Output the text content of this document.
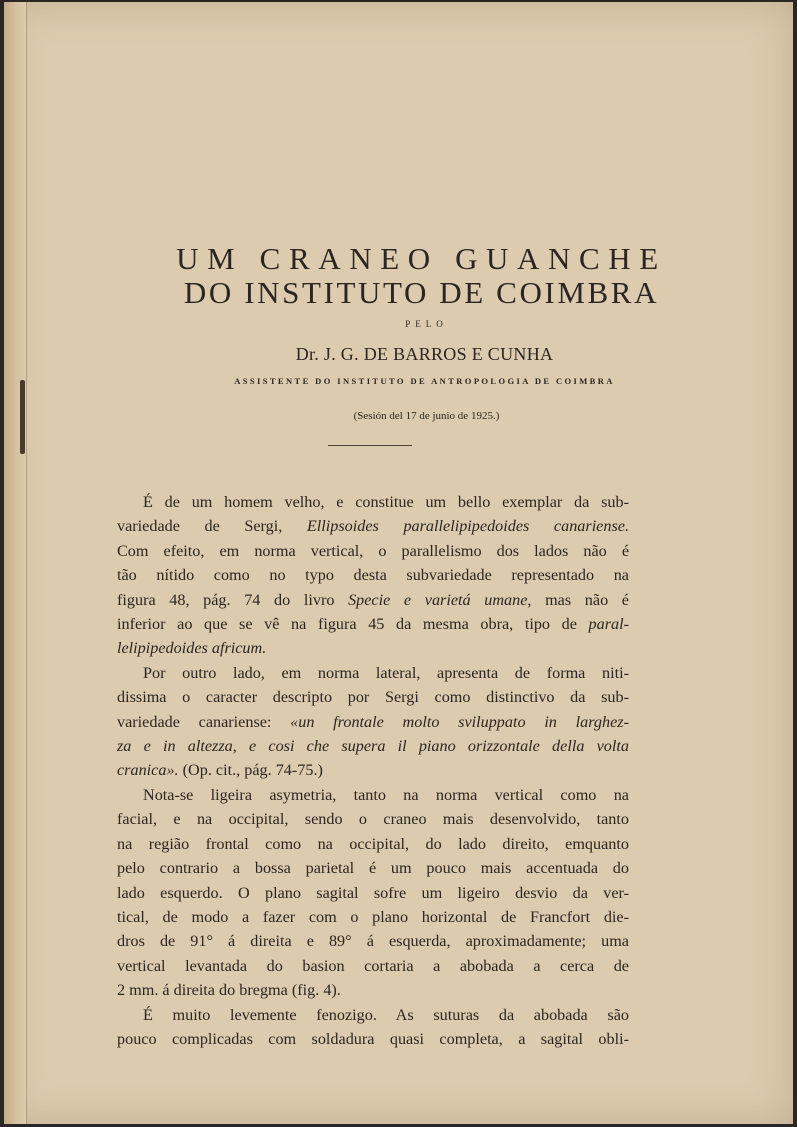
UM CRANEO GUANCHE
DO INSTITUTO DE COIMBRA
PELO
Dr. J. G. DE BARROS E CUNHA
ASSISTENTE DO INSTITUTO DE ANTROPOLOGIA DE COIMBRA
(Sesión del 17 de junio de 1925.)
É de um homem velho, e constitue um bello exemplar da sub-
variedade de Sergi, Ellipsoides parallelipipedoides canariense.
Com efeito, em norma vertical, o parallelismo dos lados não é
tão nítido como no typo desta subvariedade representado na
figura 48, pág. 74 do livro Specie e varietá umane, mas não é
inferior ao que se vê na figura 45 da mesma obra, tipo de paral-
lelipipedoides africum.
Por outro lado, em norma lateral, apresenta de forma niti-
dissima o caracter descripto por Sergi como distinctivo da sub-
variedade canariense: «un frontale molto sviluppato in larghez-
za e in altezza, e cosi che supera il piano orizzontale della volta
cranica». (Op. cit., pág. 74-75.)
Nota-se ligeira asymetria, tanto na norma vertical como na
facial, e na occipital, sendo o craneo mais desenvolvido, tanto
na região frontal como na occipital, do lado direito, emquanto
pelo contrario a bossa parietal é um pouco mais accentuada do
lado esquerdo. O plano sagital sofre um ligeiro desvio da ver-
tical, de modo a fazer com o plano horizontal de Francfort die-
dros de 91° á direita e 89° á esquerda, aproximadamente; uma
vertical levantada do basion cortaria a abobada a cerca de
2 mm. á direita do bregma (fig. 4).
É muito levemente fenozigo. As suturas da abobada são
pouco complicadas com soldadura quasi completa, a sagital obli-
